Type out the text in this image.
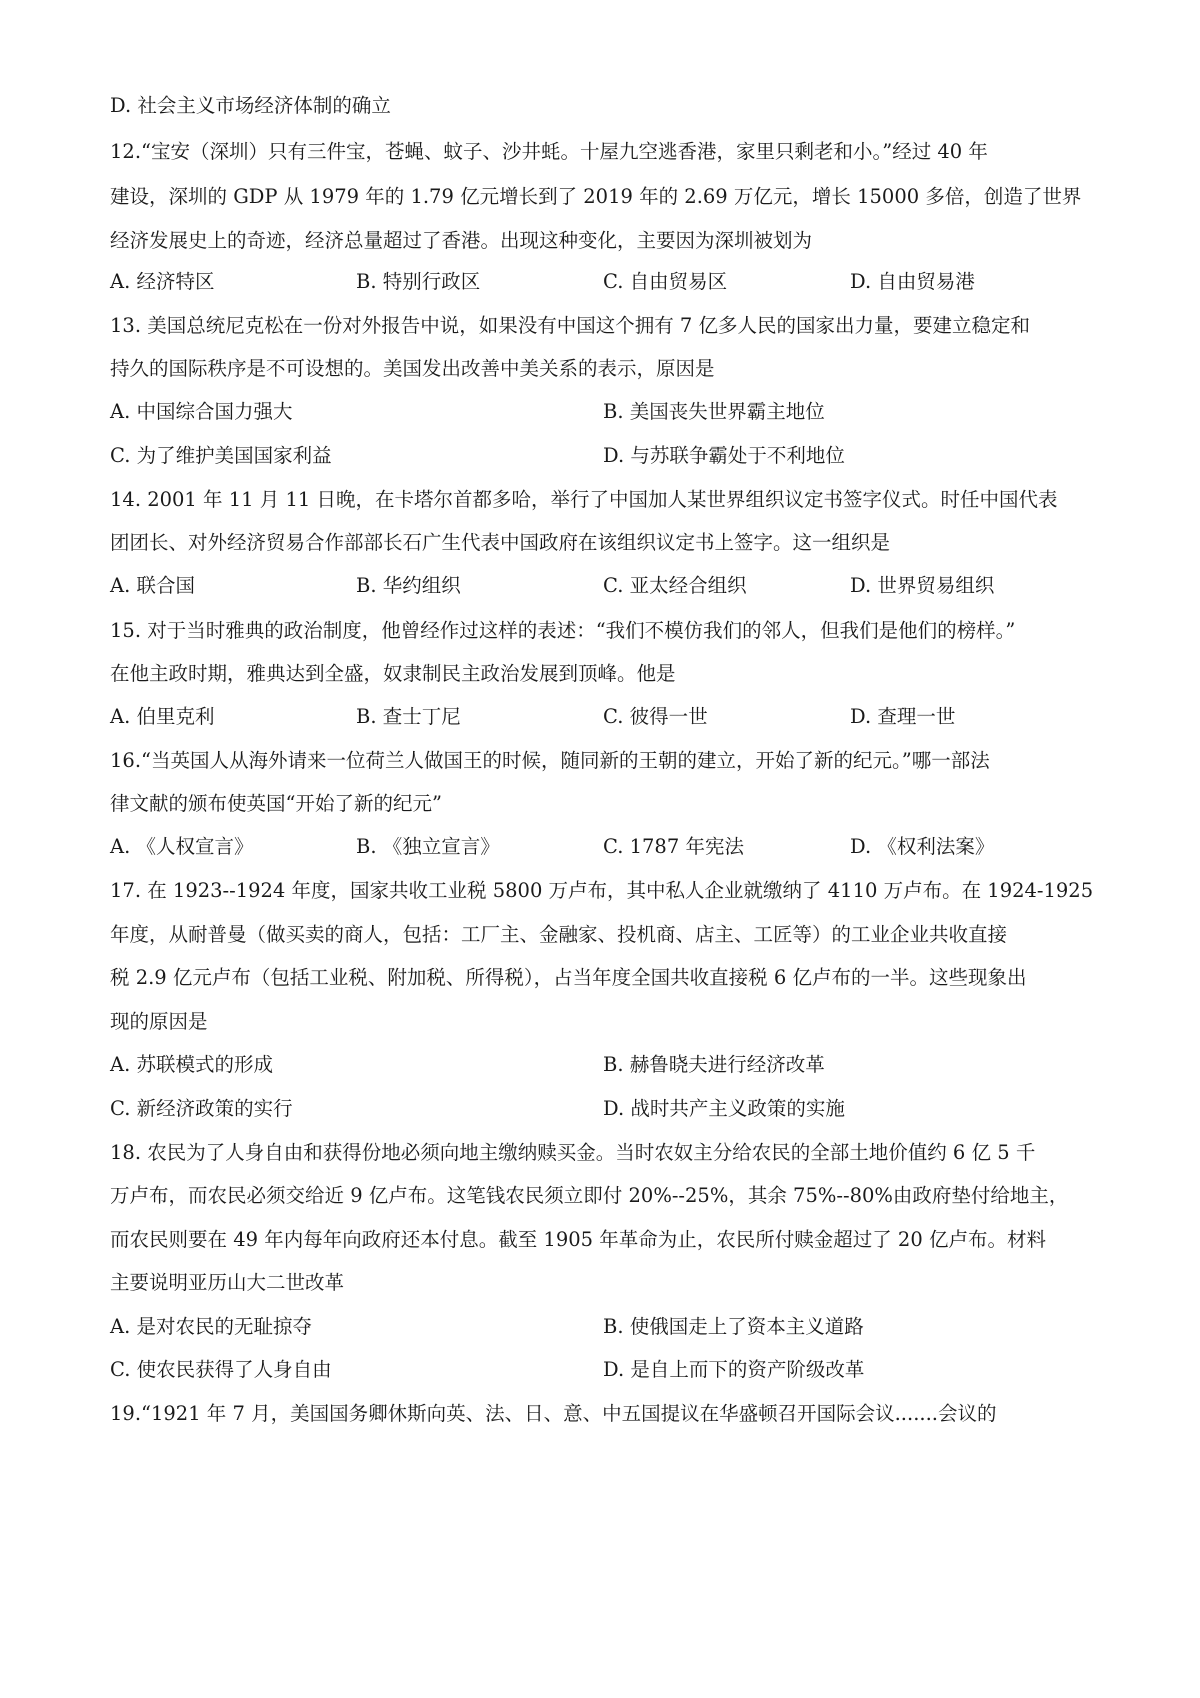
D. 社会主义市场经济体制的确立
12.“宝安（深圳）只有三件宝，苍蝇、蚊子、沙井蚝。十屋九空逃香港，家里只剩老和小。”经过 40 年
建设，深圳的 GDP 从 1979 年的 1.79 亿元增长到了 2019 年的 2.69 万亿元，增长 15000 多倍，创造了世界
经济发展史上的奇迹，经济总量超过了香港。出现这种变化，主要因为深圳被划为
A. 经济特区	B. 特别行政区	C. 自由贸易区	D. 自由贸易港
13. 美国总统尼克松在一份对外报告中说，如果没有中国这个拥有 7 亿多人民的国家出力量，要建立稳定和
持久的国际秩序是不可设想的。美国发出改善中美关系的表示，原因是
A. 中国综合国力强大	B. 美国丧失世界霸主地位
C. 为了维护美国国家利益	D. 与苏联争霸处于不利地位
14. 2001 年 11 月 11 日晚，在卡塔尔首都多哈，举行了中国加人某世界组织议定书签字仪式。时任中国代表
团团长、对外经济贸易合作部部长石广生代表中国政府在该组织议定书上签字。这一组织是
A. 联合国	B. 华约组织	C. 亚太经合组织	D. 世界贸易组织
15. 对于当时雅典的政治制度，他曾经作过这样的表述：“我们不模仿我们的邻人，但我们是他们的榜样。”
在他主政时期，雅典达到全盛，奴隶制民主政治发展到顶峰。他是
A. 伯里克利	B. 查士丁尼	C. 彼得一世	D. 查理一世
16.“当英国人从海外请来一位荷兰人做国王的时候，随同新的王朝的建立，开始了新的纪元。”哪一部法
律文献的颁布使英国“开始了新的纪元”
A. 《人权宣言》	B. 《独立宣言》	C. 1787 年宪法	D. 《权利法案》
17. 在 1923--1924 年度，国家共收工业税 5800 万卢布，其中私人企业就缴纳了 4110 万卢布。在 1924-1925
年度，从耐普曼（做买卖的商人，包括：工厂主、金融家、投机商、店主、工匠等）的工业企业共收直接
税 2.9 亿元卢布（包括工业税、附加税、所得税），占当年度全国共收直接税 6 亿卢布的一半。这些现象出
现的原因是
A. 苏联模式的形成	B. 赫鲁晓夫进行经济改革
C. 新经济政策的实行	D. 战时共产主义政策的实施
18. 农民为了人身自由和获得份地必须向地主缴纳赎买金。当时农奴主分给农民的全部土地价值约 6 亿 5 千
万卢布，而农民必须交给近 9 亿卢布。这笔钱农民须立即付 20%--25%，其余 75%--80%由政府垫付给地主，
而农民则要在 49 年内每年向政府还本付息。截至 1905 年革命为止，农民所付赎金超过了 20 亿卢布。材料
主要说明亚历山大二世改革
A. 是对农民的无耻掠夺	B. 使俄国走上了资本主义道路
C. 使农民获得了人身自由	D. 是自上而下的资产阶级改革
19.“1921 年 7 月，美国国务卿休斯向英、法、日、意、中五国提议在华盛顿召开国际会议.......会议的
